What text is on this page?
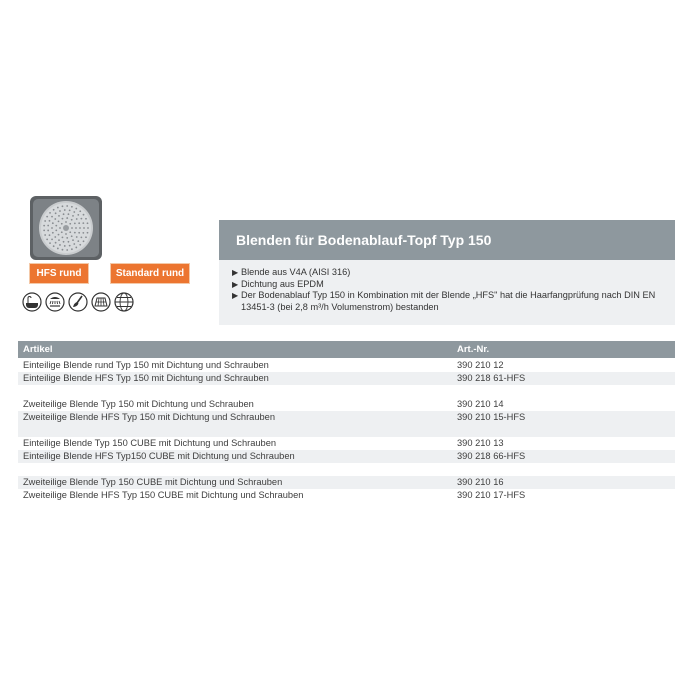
HFS rund	Standard rund
Blenden für Bodenablauf-Topf Typ 150
▶ Blende aus V4A (AISI 316)
▶ Dichtung aus EPDM
▶ Der Bodenablauf Typ 150 in Kombination mit der Blende „HFS" hat die Haarfangprüfung nach DIN EN 13451-3 (bei 2,8 m³/h Volumenstrom) bestanden
Artikel	Art.-Nr.
Einteilige Blende rund Typ 150 mit Dichtung und Schrauben	390 210 12
Einteilige Blende HFS Typ 150 mit Dichtung und Schrauben	390 218 61-HFS
Zweiteilige Blende Typ 150 mit Dichtung und Schrauben	390 210 14
Zweiteilige Blende HFS Typ 150 mit Dichtung und Schrauben	390 210 15-HFS
Einteilige Blende Typ 150 CUBE mit Dichtung und Schrauben	390 210 13
Einteilige Blende HFS Typ150 CUBE mit Dichtung und Schrauben	390 218 66-HFS
Zweiteilige Blende Typ 150 CUBE mit Dichtung und Schrauben	390 210 16
Zweiteilige Blende HFS Typ 150 CUBE mit Dichtung und Schrauben	390 210 17-HFS
